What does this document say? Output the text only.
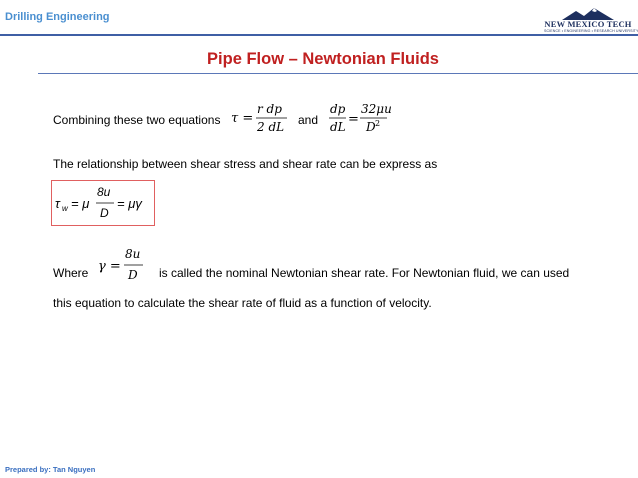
Drilling Engineering
NEW MEXICO TECH
SCIENCE • ENGINEERING • RESEARCH UNIVERSITY
Pipe Flow – Newtonian Fluids
Combining these two equations τ =
r dp
2 dL and
dp
dL =
32μu
D 2
The relationship between shear stress and shear rate can be express as
τ w = μ
8u
D
= μγ
Where γ =
8u
D is called the nominal Newtonian shear rate. For Newtonian fluid, we can used
this equation to calculate the shear rate of fluid as a function of velocity.
Prepared by: Tan Nguyen
